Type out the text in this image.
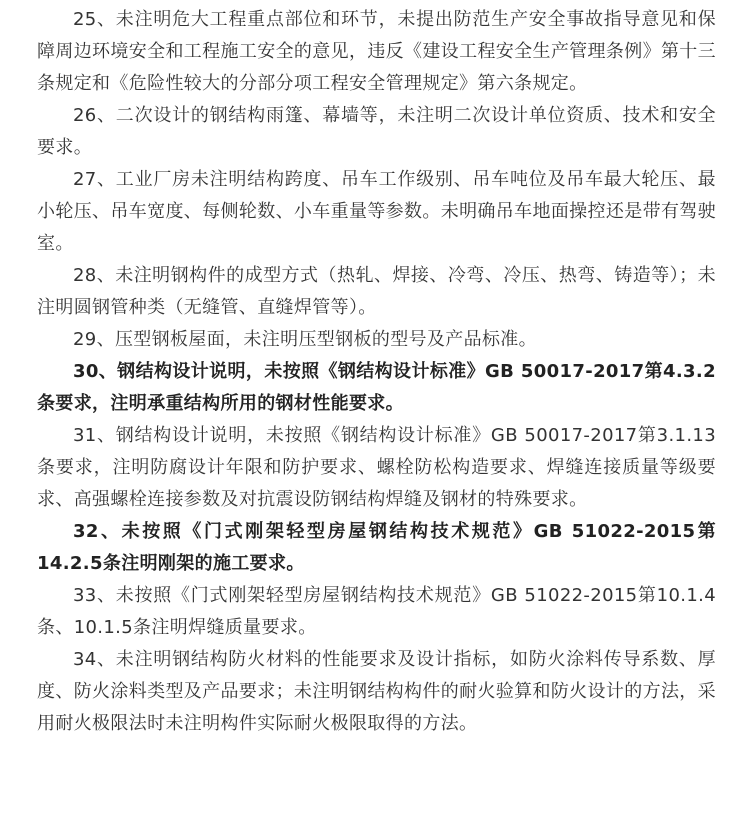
25、未注明危大工程重点部位和环节，未提出防范生产安全事故指导意见和保障周边环境安全和工程施工安全的意见，违反《建设工程安全生产管理条例》第十三条规定和《危险性较大的分部分项工程安全管理规定》第六条规定。

26、二次设计的钢结构雨篷、幕墙等，未注明二次设计单位资质、技术和安全要求。

27、工业厂房未注明结构跨度、吊车工作级别、吊车吨位及吊车最大轮压、最小轮压、吊车宽度、每侧轮数、小车重量等参数。未明确吊车地面操控还是带有驾驶室。

28、未注明钢构件的成型方式（热轧、焊接、冷弯、冷压、热弯、铸造等）；未注明圆钢管种类（无缝管、直缝焊管等）。

29、压型钢板屋面，未注明压型钢板的型号及产品标准。

30、钢结构设计说明，未按照《钢结构设计标准》GB 50017-2017第4.3.2条要求，注明承重结构所用的钢材性能要求。

31、钢结构设计说明，未按照《钢结构设计标准》GB 50017-2017第3.1.13条要求，注明防腐设计年限和防护要求、螺栓防松构造要求、焊缝连接质量等级要求、高强螺栓连接参数及对抗震设防钢结构焊缝及钢材的特殊要求。

32、未按照《门式刚架轻型房屋钢结构技术规范》GB 51022-2015第14.2.5条注明刚架的施工要求。

33、未按照《门式刚架轻型房屋钢结构技术规范》GB 51022-2015第10.1.4条、10.1.5条注明焊缝质量要求。

34、未注明钢结构防火材料的性能要求及设计指标，如防火涂料传导系数、厚度、防火涂料类型及产品要求；未注明钢结构构件的耐火验算和防火设计的方法，采用耐火极限法时未注明构件实际耐火极限取得的方法。
